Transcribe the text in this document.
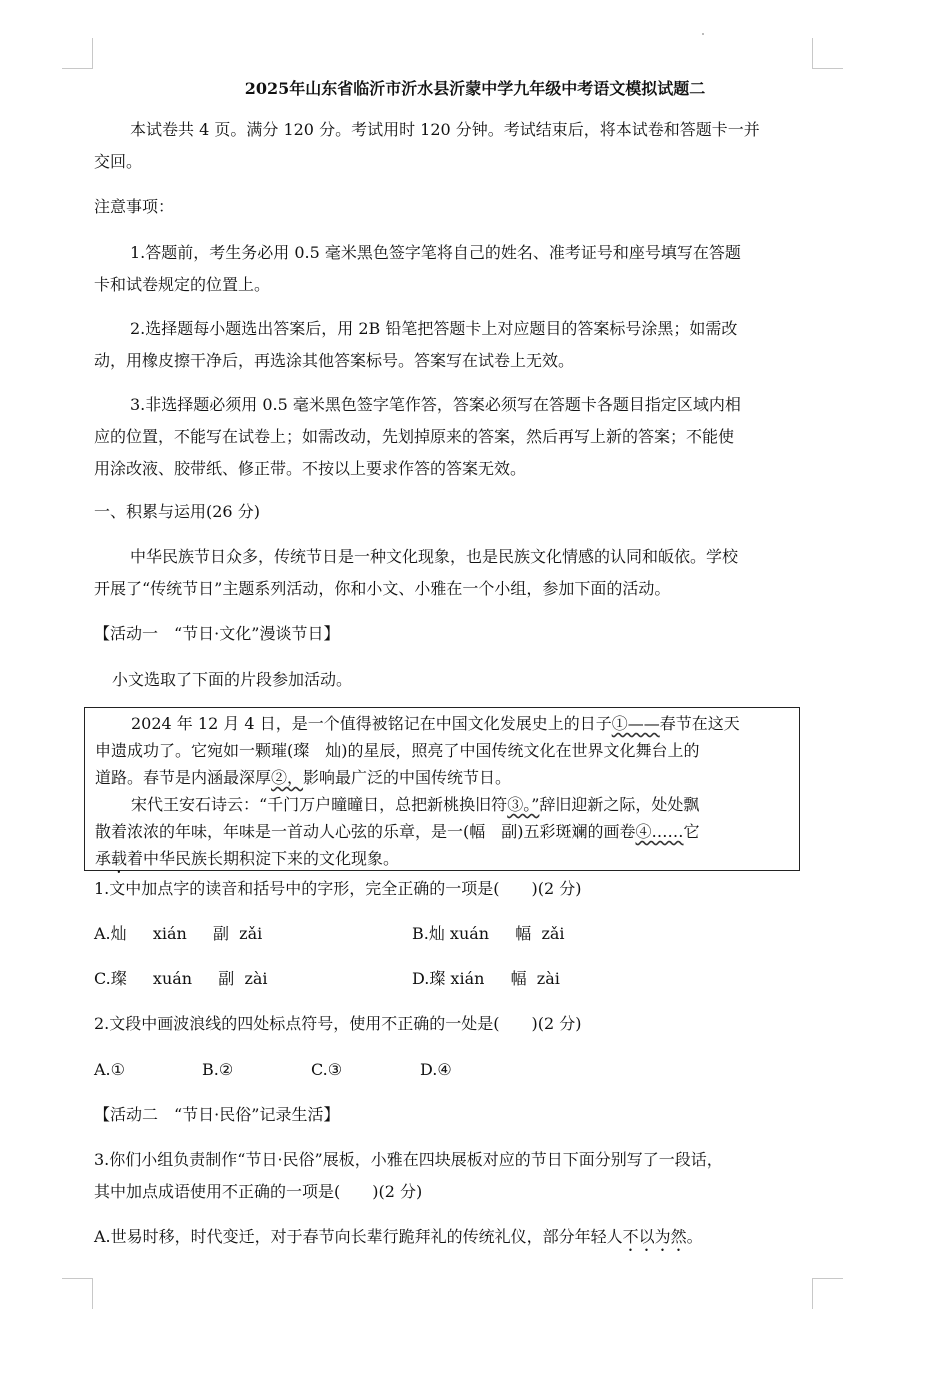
2025年山东省临沂市沂水县沂蒙中学九年级中考语文模拟试题二
本试卷共 4 页。满分 120 分。考试用时 120 分钟。考试结束后，将本试卷和答题卡一并
交回。
注意事项：
1.答题前，考生务必用 0.5 毫米黑色签字笔将自己的姓名、准考证号和座号填写在答题
卡和试卷规定的位置上。
2.选择题每小题选出答案后，用 2B 铅笔把答题卡上对应题目的答案标号涂黑；如需改
动，用橡皮擦干净后，再选涂其他答案标号。答案写在试卷上无效。
3.非选择题必须用 0.5 毫米黑色签字笔作答，答案必须写在答题卡各题目指定区域内相
应的位置，不能写在试卷上；如需改动，先划掉原来的答案，然后再写上新的答案；不能使
用涂改液、胶带纸、修正带。不按以上要求作答的答案无效。
一、积累与运用(26 分)
中华民族节日众多，传统节日是一种文化现象，也是民族文化情感的认同和皈依。学校
开展了“传统节日”主题系列活动，你和小文、小雅在一个小组，参加下面的活动。
【活动一　“节日·文化”漫谈节日】
小文选取了下面的片段参加活动。
2024 年 12 月 4 日，是一个值得被铭记在中国文化发展史上的日子①——春节在这天
申遗成功了。它宛如一颗璀(璨　灿)的星辰，照亮了中国传统文化在世界文化舞台上的
道路。春节是内涵最深厚②，影响最广泛的中国传统节日。
宋代王安石诗云：“千门万户曈曈日，总把新桃换旧符③。”辞旧迎新之际，处处飘
散着浓浓的年味，年味是一首动人心弦的乐章，是一(幅　副)五彩斑斓的画卷④……它
承载着中华民族长期积淀下来的文化现象。
1.文中加点字的读音和括号中的字形，完全正确的一项是(　　)(2 分)
A.灿　  xián　  副  zǎi	B.灿 xuán　  幅  zǎi
C.璨　  xuán　  副  zài	D.璨 xián　  幅  zài
2.文段中画波浪线的四处标点符号，使用不正确的一处是(　　)(2 分)
A.①	B.②	C.③	D.④
【活动二　“节日·民俗”记录生活】
3.你们小组负责制作“节日·民俗”展板，小雅在四块展板对应的节日下面分别写了一段话，
其中加点成语使用不正确的一项是(　　)(2 分)
A.世易时移，时代变迁，对于春节向长辈行跪拜礼的传统礼仪，部分年轻人不以为然。
